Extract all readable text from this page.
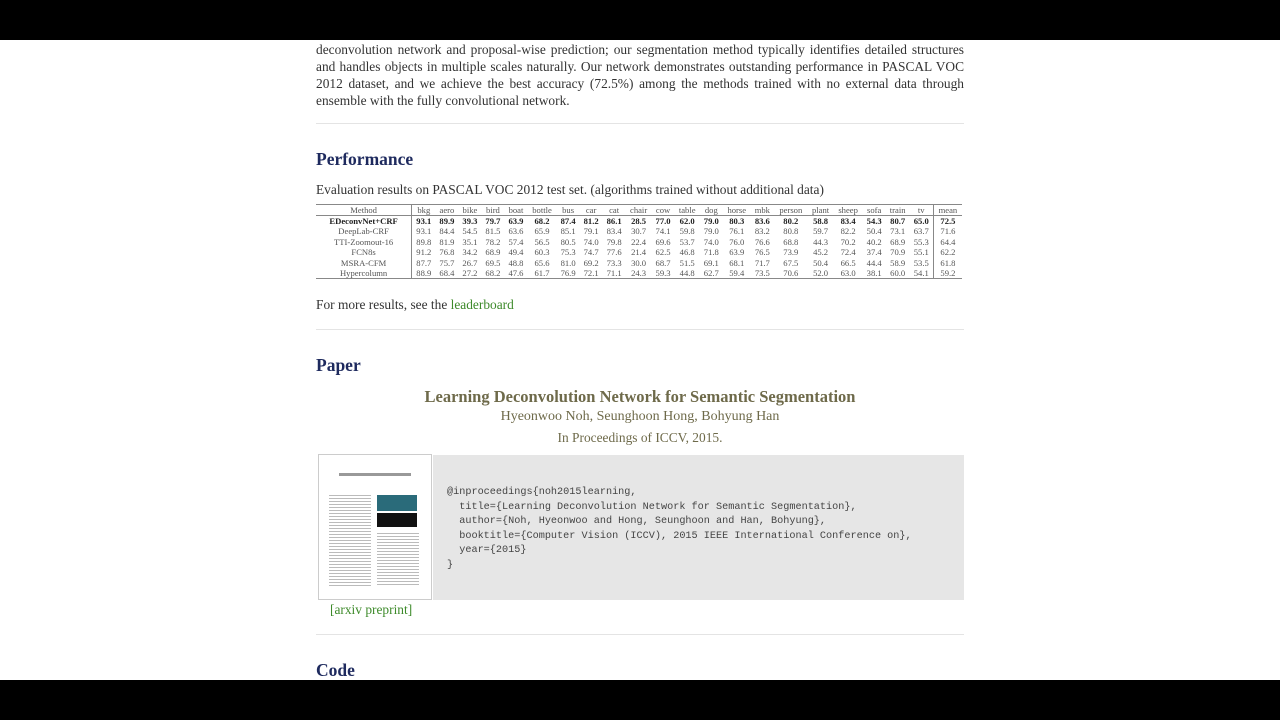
deconvolution network and proposal-wise prediction; our segmentation method typically identifies detailed structures and handles objects in multiple scales naturally. Our network demonstrates outstanding performance in PASCAL VOC 2012 dataset, and we achieve the best accuracy (72.5%) among the methods trained with no external data through ensemble with the fully convolutional network.
Performance
Evaluation results on PASCAL VOC 2012 test set. (algorithms trained without additional data)
Method	bkg	aero	bike	bird	boat	bottle	bus	car	cat	chair	cow	table	dog	horse	mbk	person	plant	sheep	sofa	train	tv	mean
EDeconvNet+CRF	93.1	89.9	39.3	79.7	63.9	68.2	87.4	81.2	86.1	28.5	77.0	62.0	79.0	80.3	83.6	80.2	58.8	83.4	54.3	80.7	65.0	72.5
DeepLab-CRF	93.1	84.4	54.5	81.5	63.6	65.9	85.1	79.1	83.4	30.7	74.1	59.8	79.0	76.1	83.2	80.8	59.7	82.2	50.4	73.1	63.7	71.6
TTI-Zoomout-16	89.8	81.9	35.1	78.2	57.4	56.5	80.5	74.0	79.8	22.4	69.6	53.7	74.0	76.0	76.6	68.8	44.3	70.2	40.2	68.9	55.3	64.4
FCN8s	91.2	76.8	34.2	68.9	49.4	60.3	75.3	74.7	77.6	21.4	62.5	46.8	71.8	63.9	76.5	73.9	45.2	72.4	37.4	70.9	55.1	62.2
MSRA-CFM	87.7	75.7	26.7	69.5	48.8	65.6	81.0	69.2	73.3	30.0	68.7	51.5	69.1	68.1	71.7	67.5	50.4	66.5	44.4	58.9	53.5	61.8
Hypercolumn	88.9	68.4	27.2	68.2	47.6	61.7	76.9	72.1	71.1	24.3	59.3	44.8	62.7	59.4	73.5	70.6	52.0	63.0	38.1	60.0	54.1	59.2
For more results, see the leaderboard
Paper
Learning Deconvolution Network for Semantic Segmentation
Hyeonwoo Noh, Seunghoon Hong, Bohyung Han
In Proceedings of ICCV, 2015.
[arxiv preprint]
@inproceedings{noh2015learning,
title={Learning Deconvolution Network for Semantic Segmentation},
author={Noh, Hyeonwoo and Hong, Seunghoon and Han, Bohyung},
booktitle={Computer Vision (ICCV), 2015 IEEE International Conference on},
year={2015}
}
Code
